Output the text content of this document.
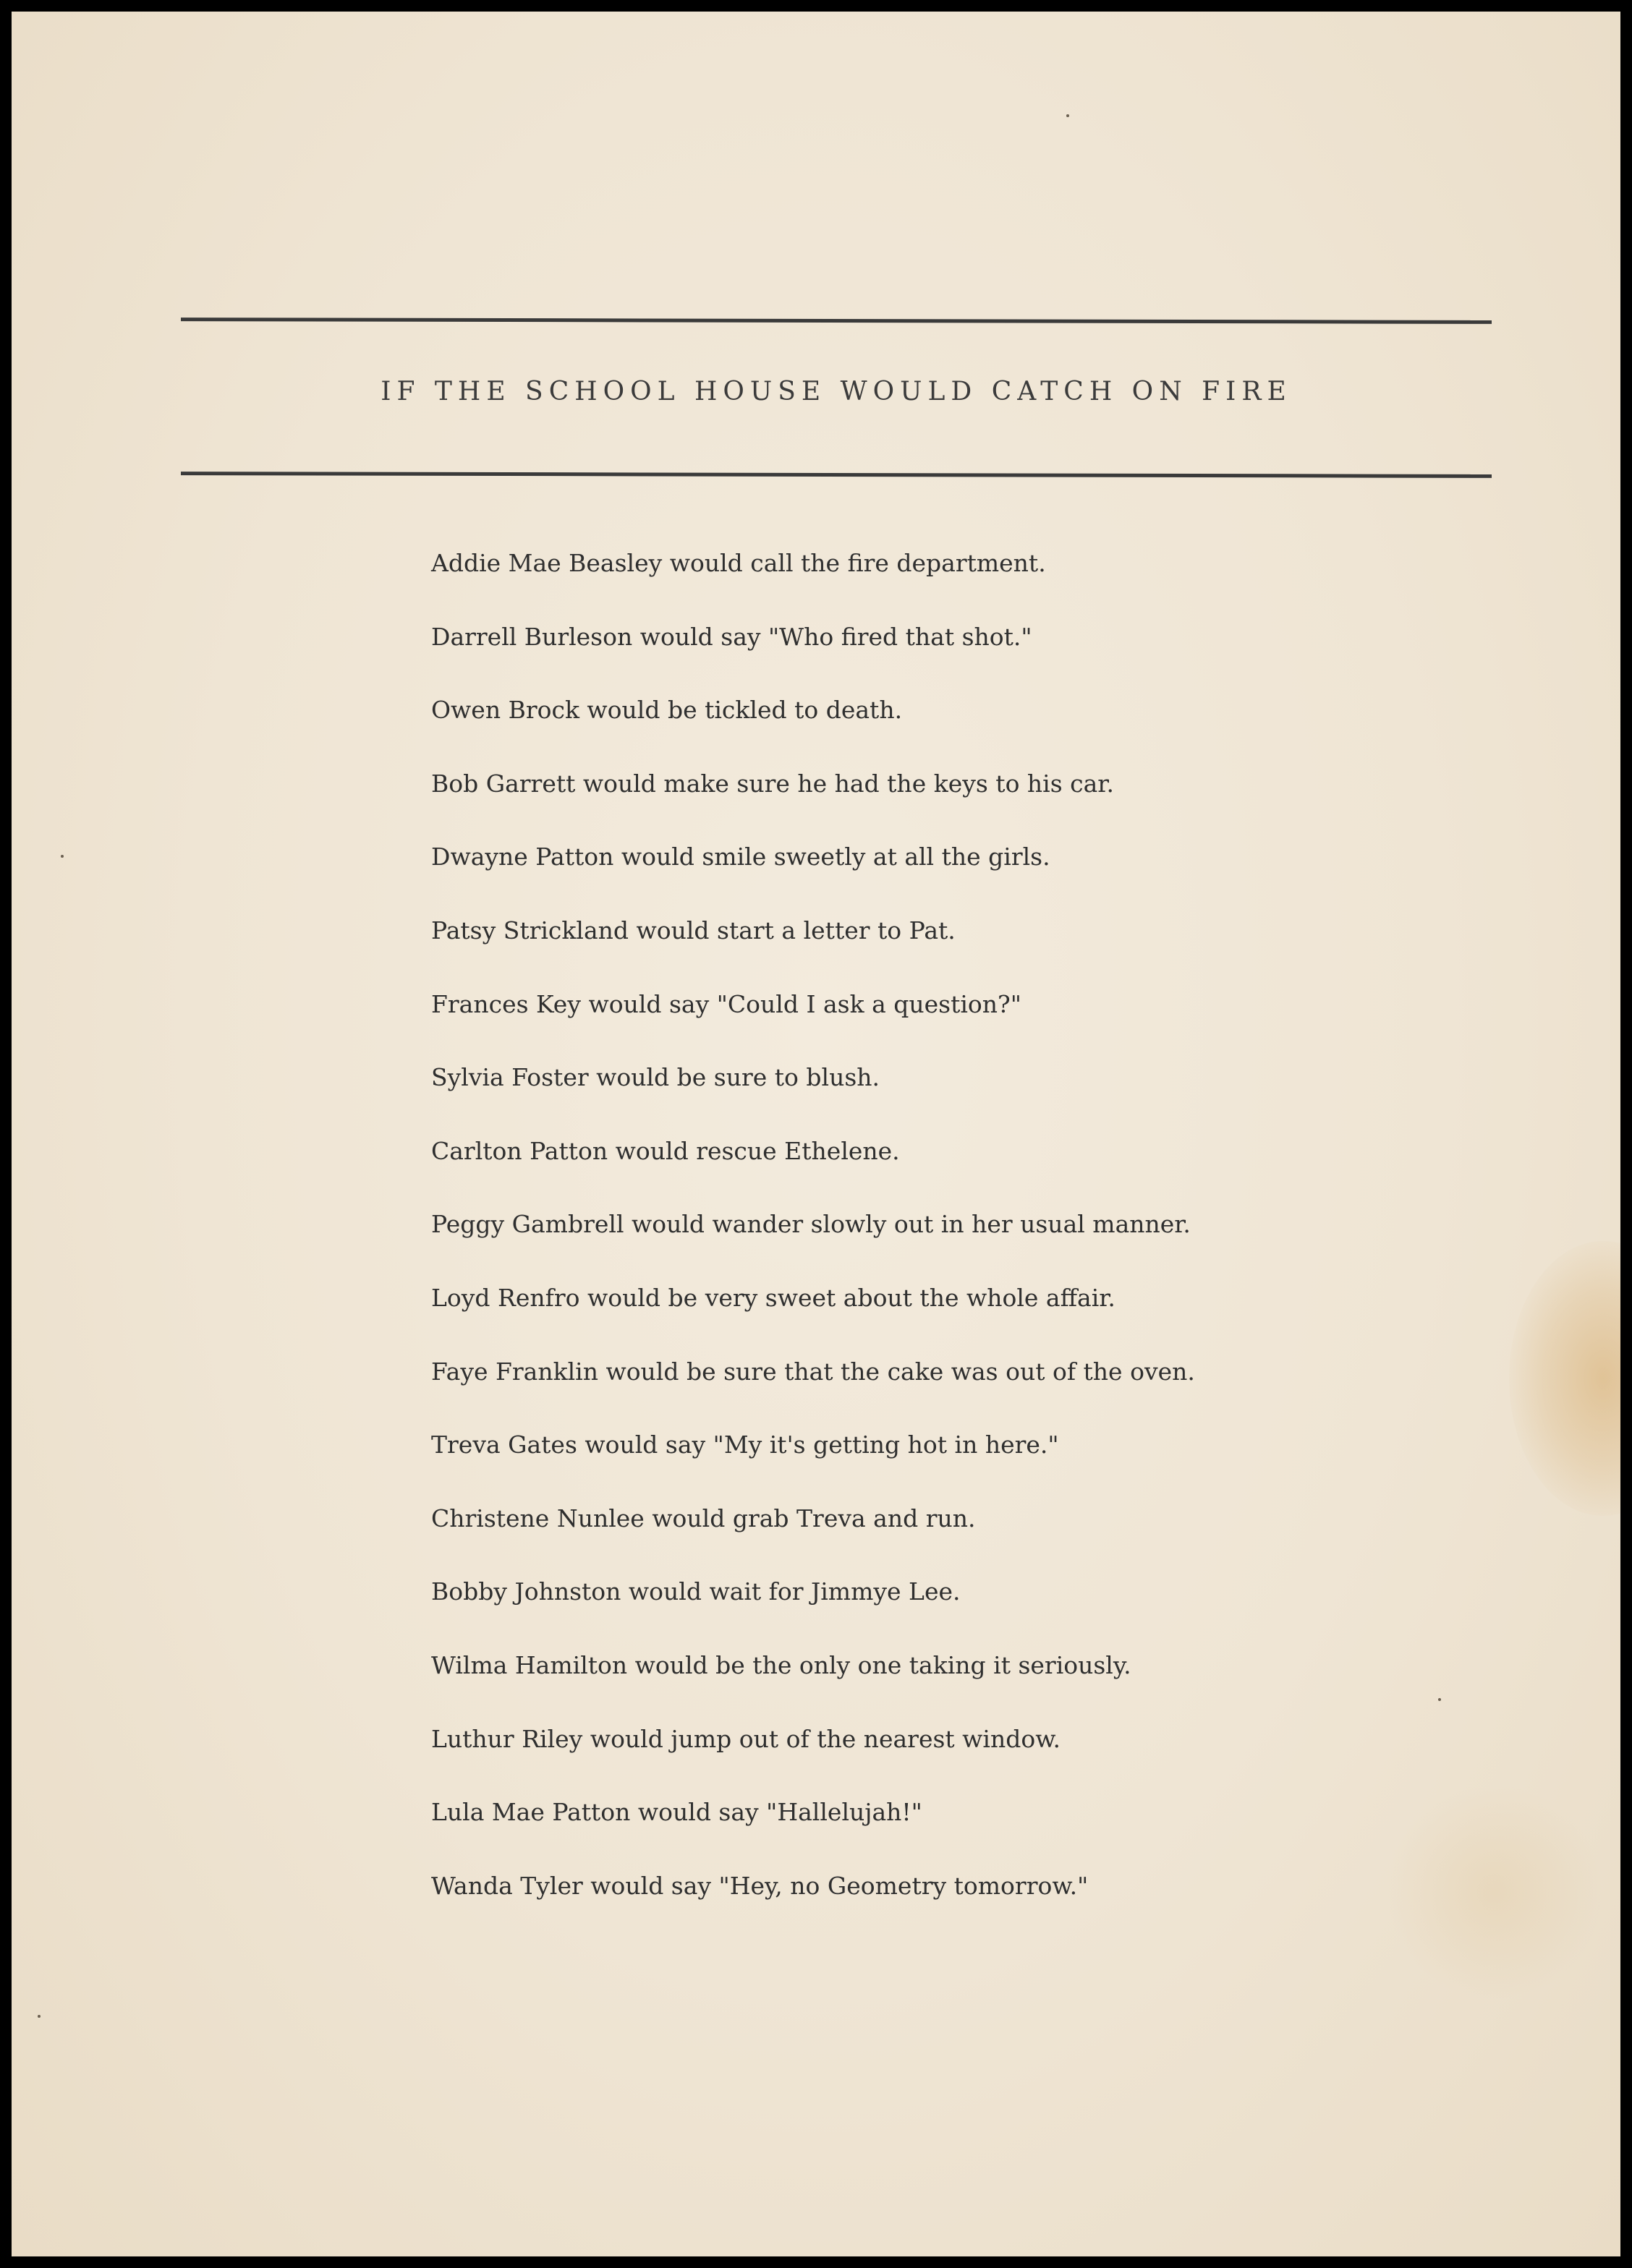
IF THE SCHOOL HOUSE WOULD CATCH ON FIRE
Addie Mae Beasley would call the fire department.
Darrell Burleson would say "Who fired that shot."
Owen Brock would be tickled to death.
Bob Garrett would make sure he had the keys to his car.
Dwayne Patton would smile sweetly at all the girls.
Patsy Strickland would start a letter to Pat.
Frances Key would say "Could I ask a question?"
Sylvia Foster would be sure to blush.
Carlton Patton would rescue Ethelene.
Peggy Gambrell would wander slowly out in her usual manner.
Loyd Renfro would be very sweet about the whole affair.
Faye Franklin would be sure that the cake was out of the oven.
Treva Gates would say "My it's getting hot in here."
Christene Nunlee would grab Treva and run.
Bobby Johnston would wait for Jimmye Lee.
Wilma Hamilton would be the only one taking it seriously.
Luthur Riley would jump out of the nearest window.
Lula Mae Patton would say "Hallelujah!"
Wanda Tyler would say "Hey, no Geometry tomorrow."
